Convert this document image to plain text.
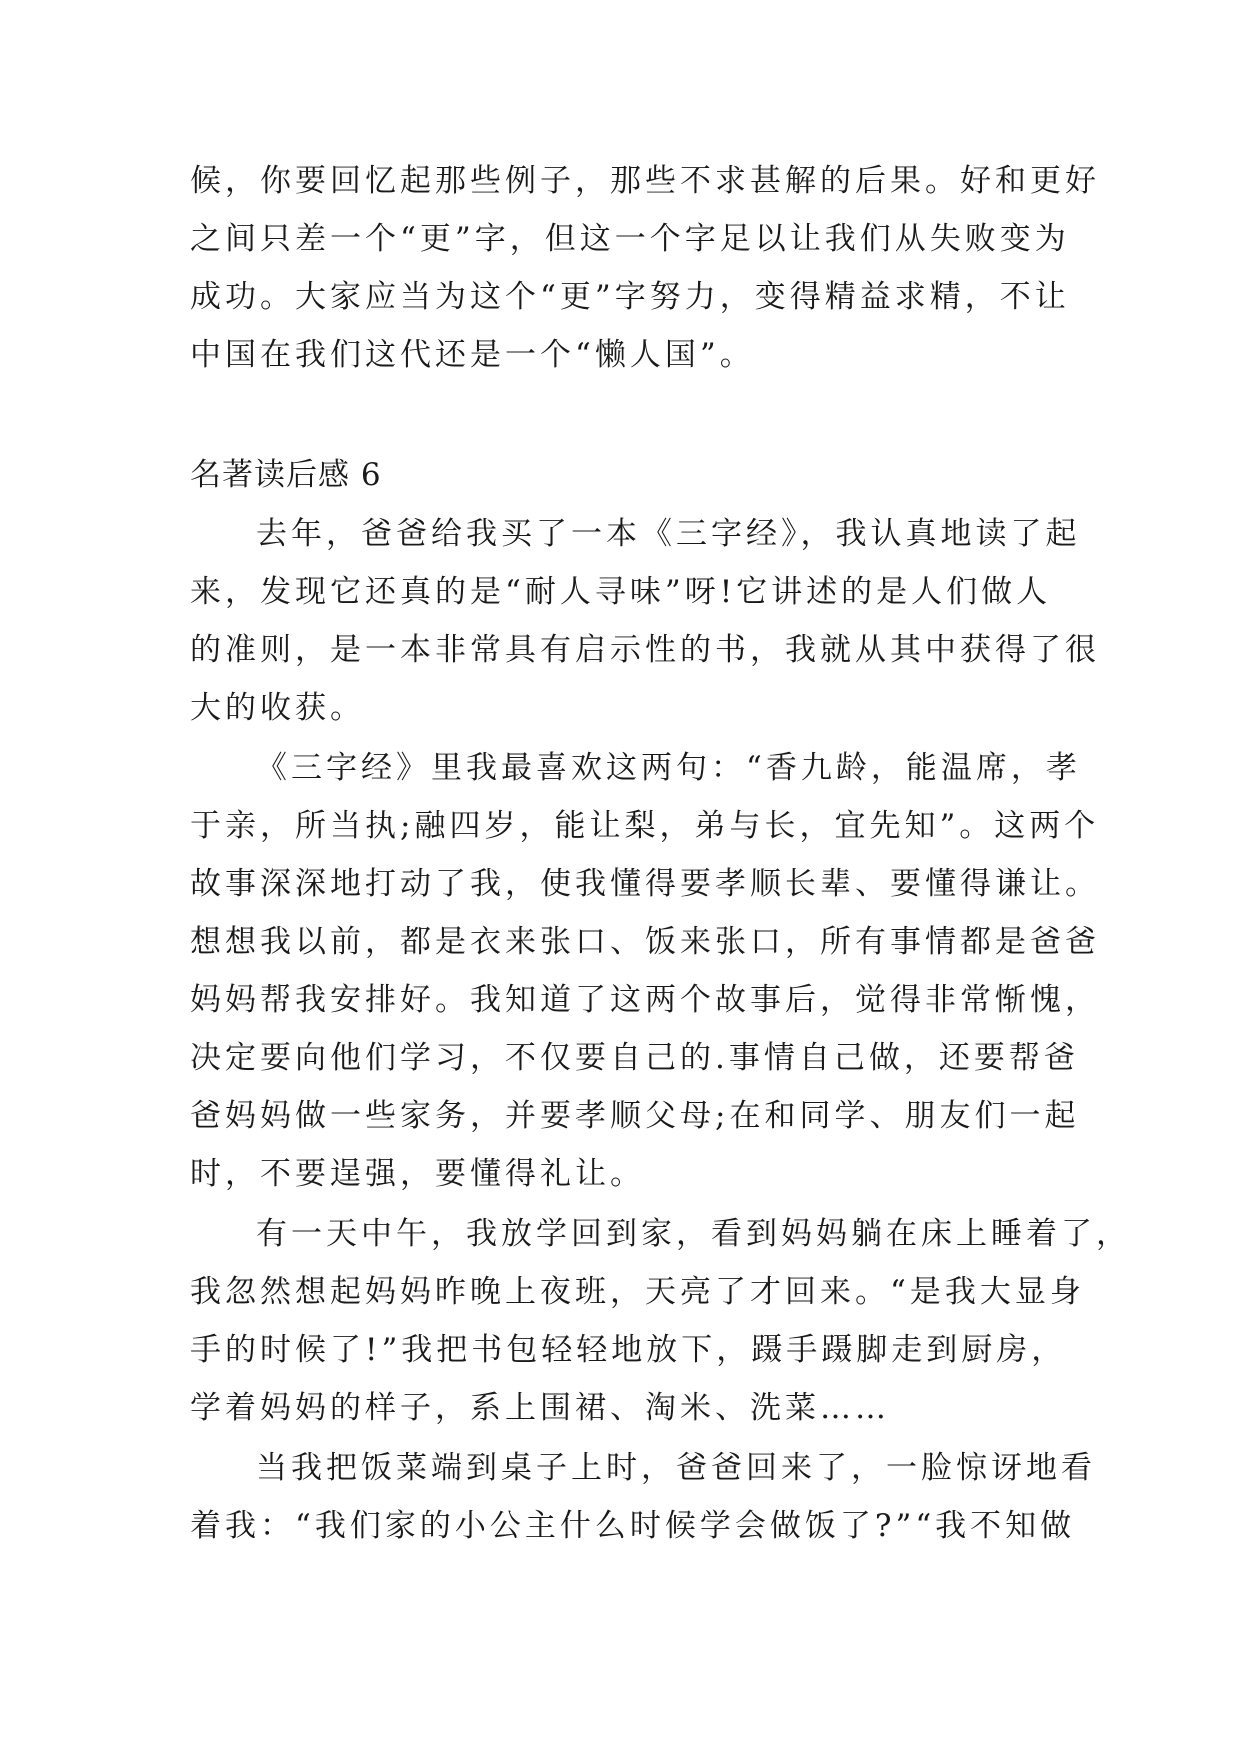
候，你要回忆起那些例子，那些不求甚解的后果。好和更好
之间只差一个“更”字，但这一个字足以让我们从失败变为
成功。大家应当为这个“更”字努力，变得精益求精，不让
中国在我们这代还是一个“懒人国”。
名著读后感 6
去年，爸爸给我买了一本《三字经》，我认真地读了起
来，发现它还真的是“耐人寻味”呀!它讲述的是人们做人
的准则，是一本非常具有启示性的书，我就从其中获得了很
大的收获。
《三字经》里我最喜欢这两句：“香九龄，能温席，孝
于亲，所当执;融四岁，能让梨，弟与长，宜先知”。这两个
故事深深地打动了我，使我懂得要孝顺长辈、要懂得谦让。
想想我以前，都是衣来张口、饭来张口，所有事情都是爸爸
妈妈帮我安排好。我知道了这两个故事后，觉得非常惭愧，
决定要向他们学习，不仅要自己的.事情自己做，还要帮爸
爸妈妈做一些家务，并要孝顺父母;在和同学、朋友们一起
时，不要逞强，要懂得礼让。
有一天中午，我放学回到家，看到妈妈躺在床上睡着了，
我忽然想起妈妈昨晚上夜班，天亮了才回来。“是我大显身
手的时候了!”我把书包轻轻地放下，蹑手蹑脚走到厨房，
学着妈妈的样子，系上围裙、淘米、洗菜……
当我把饭菜端到桌子上时，爸爸回来了，一脸惊讶地看
着我：“我们家的小公主什么时候学会做饭了?”“我不知做
